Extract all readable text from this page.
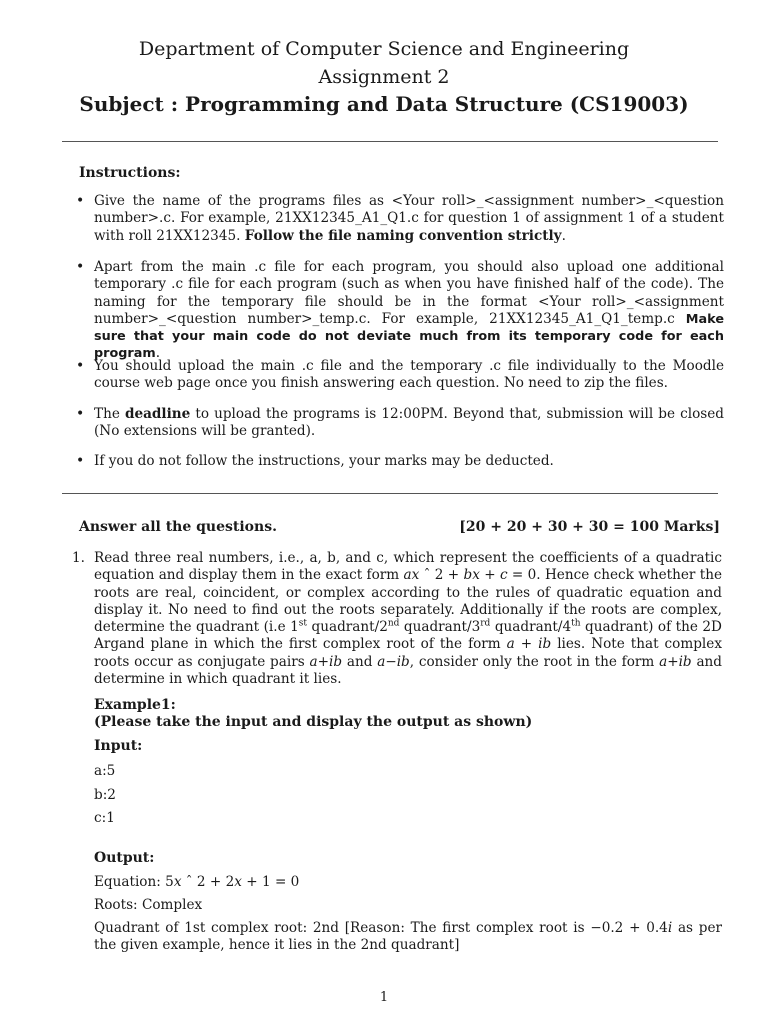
Department of Computer Science and Engineering
Assignment 2
Subject : Programming and Data Structure (CS19003)
Instructions:
• Give the name of the programs files as <Your roll>_<assignment number>_<question number>.c. For example, 21XX12345_A1_Q1.c for question 1 of assignment 1 of a student with roll 21XX12345. Follow the file naming convention strictly.
• Apart from the main .c file for each program, you should also upload one additional temporary .c file for each program (such as when you have finished half of the code). The naming for the temporary file should be in the format <Your roll>_<assignment number>_<question number>_temp.c. For example, 21XX12345_A1_Q1_temp.c Make sure that your main code do not deviate much from its temporary code for each program.
• You should upload the main .c file and the temporary .c file individually to the Moodle course web page once you finish answering each question. No need to zip the files.
• The deadline to upload the programs is 12:00PM. Beyond that, submission will be closed (No extensions will be granted).
• If you do not follow the instructions, your marks may be deducted.
Answer all the questions.	[20 + 20 + 30 + 30 = 100 Marks]
1. Read three real numbers, i.e., a, b, and c, which represent the coefficients of a quadratic equation and display them in the exact form ax ˆ 2 + bx + c = 0. Hence check whether the roots are real, coincident, or complex according to the rules of quadratic equation and display it. No need to find out the roots separately. Additionally if the roots are complex, determine the quadrant (i.e 1st quadrant/2nd quadrant/3rd quadrant/4th quadrant) of the 2D Argand plane in which the first complex root of the form a + ib lies. Note that complex roots occur as conjugate pairs a+ib and a−ib, consider only the root in the form a+ib and determine in which quadrant it lies.
Example1:
(Please take the input and display the output as shown)
Input:
a:5
b:2
c:1
Output:
Equation: 5x ˆ 2 + 2x + 1 = 0
Roots: Complex
Quadrant of 1st complex root: 2nd [Reason: The first complex root is −0.2 + 0.4i as per the given example, hence it lies in the 2nd quadrant]
1
